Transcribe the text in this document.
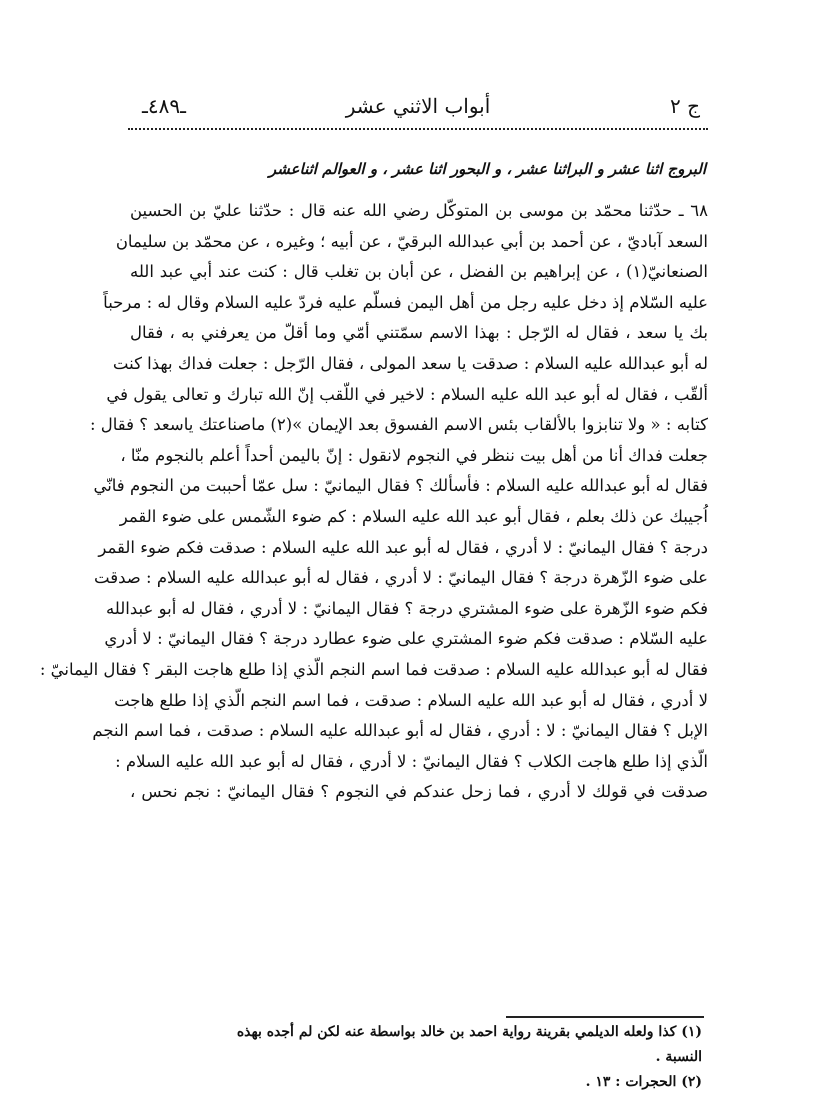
ج ٢
أبواب الاثني عشر
ـ٤٨٩ـ
البروج اثنا عشر و البراثنا عشر ، و البحور اثنا عشر ، و العوالم اثناعشر
٦٨ ـ حدّثنا محمّد بن موسى بن المتوكّل رضي الله عنه قال : حدّثنا عليّ بن الحسين
السعد آباديّ ، عن أحمد بن أبي عبدالله البرقيّ ، عن أبيه ؛ وغيره ، عن محمّد بن سليمان
الصنعانيّ(١) ، عن إبراهيم بن الفضل ، عن أبان بن تغلب قال : كنت عند أبي عبد الله
عليه السّلام إذ دخل عليه رجل من أهل اليمن فسلّم عليه فردّ عليه السلام وقال له : مرحباً
بك يا سعد ، فقال له الرّجل : بهذا الاسم سمّتني أمّي وما أقلّ من يعرفني به ، فقال
له أبو عبدالله عليه السلام : صدقت يا سعد المولى ، فقال الرّجل : جعلت فداك بهذا كنت
ألقّب ، فقال له أبو عبد الله عليه السلام : لاخير في اللّقب إنّ الله تبارك و تعالى يقول في
كتابه : « ولا تنابزوا بالألقاب بئس الاسم الفسوق بعد الإيمان »(٢) ماصناعتك ياسعد ؟ فقال :
جعلت فداك أنا من أهل بيت ننظر في النجوم لانقول : إنّ باليمن أحداً أعلم بالنجوم منّا ،
فقال له أبو عبدالله عليه السلام : فأسألك ؟ فقال اليمانيّ : سل عمّا أحببت من النجوم فانّي
اُجيبك عن ذلك بعلم ، فقال أبو عبد الله عليه السلام : كم ضوء الشّمس على ضوء القمر
درجة ؟ فقال اليمانيّ : لا أدري ، فقال له أبو عبد الله عليه السلام : صدقت فكم ضوء القمر
على ضوء الزّهرة درجة ؟ فقال اليمانيّ : لا أدري ، فقال له أبو عبدالله عليه السلام : صدقت
فكم ضوء الزّهرة على ضوء المشتري درجة ؟ فقال اليمانيّ : لا أدري ، فقال له أبو عبدالله
عليه السّلام : صدقت فكم ضوء المشتري على ضوء عطارد درجة ؟ فقال اليمانيّ : لا أدري
فقال له أبو عبدالله عليه السلام : صدقت فما اسم النجم الّذي إذا طلع هاجت البقر ؟ فقال اليمانيّ :
لا أدري ، فقال له أبو عبد الله عليه السلام : صدقت ، فما اسم النجم الّذي إذا طلع هاجت
الإبل ؟ فقال اليمانيّ : لا : أدري ، فقال له أبو عبدالله عليه السلام : صدقت ، فما اسم النجم
الّذي إذا طلع هاجت الكلاب ؟ فقال اليمانيّ : لا أدري ، فقال له أبو عبد الله عليه السلام :
صدقت في قولك لا أدري ، فما زحل عندكم في النجوم ؟ فقال اليمانيّ : نجم نحس ،
(١) كذا ولعله الديلمي بقرينة رواية احمد بن خالد بواسطة عنه لكن لم أجده بهذه
النسبة .
(٢) الحجرات : ١٣ .
